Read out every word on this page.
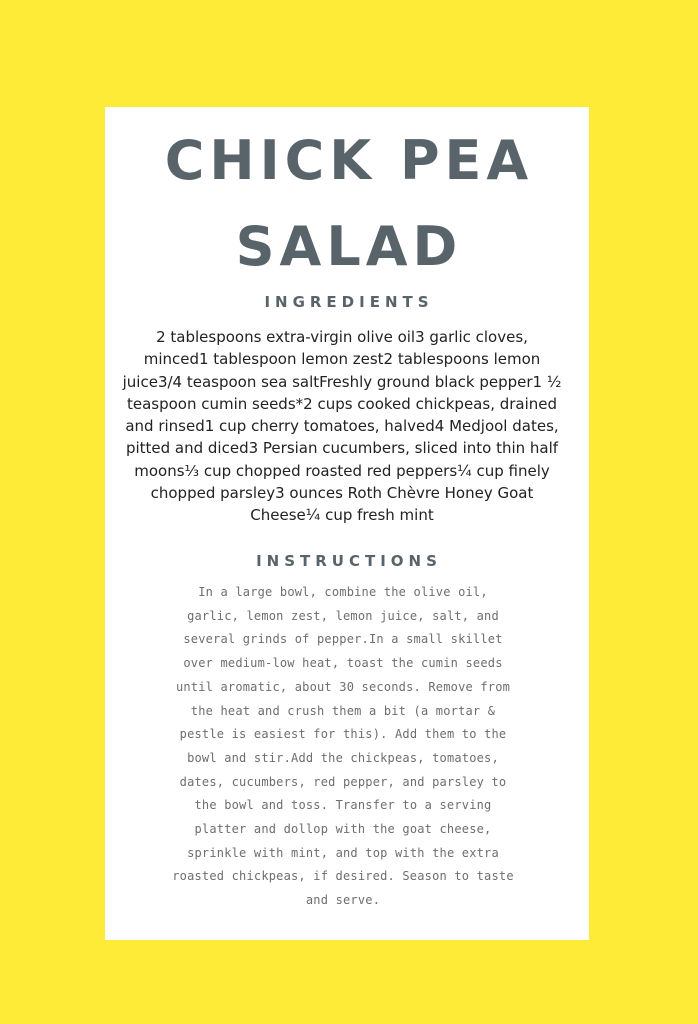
CHICK PEA
SALAD
INGREDIENTS

2 tablespoons extra-virgin olive oil3 garlic cloves, minced1 tablespoon lemon zest2 tablespoons lemon juice3/4 teaspoon sea saltFreshly ground black pepper1 ½ teaspoon cumin seeds*2 cups cooked chickpeas, drained and rinsed1 cup cherry tomatoes, halved4 Medjool dates, pitted and diced3 Persian cucumbers, sliced into thin half moons⅓ cup chopped roasted red peppers¼ cup finely chopped parsley3 ounces Roth Chèvre Honey Goat Cheese¼ cup fresh mint

INSTRUCTIONS

In a large bowl, combine the olive oil, garlic, lemon zest, lemon juice, salt, and several grinds of pepper.In a small skillet over medium-low heat, toast the cumin seeds until aromatic, about 30 seconds. Remove from the heat and crush them a bit (a mortar & pestle is easiest for this). Add them to the bowl and stir.Add the chickpeas, tomatoes, dates, cucumbers, red pepper, and parsley to the bowl and toss. Transfer to a serving platter and dollop with the goat cheese, sprinkle with mint, and top with the extra roasted chickpeas, if desired. Season to taste and serve.
